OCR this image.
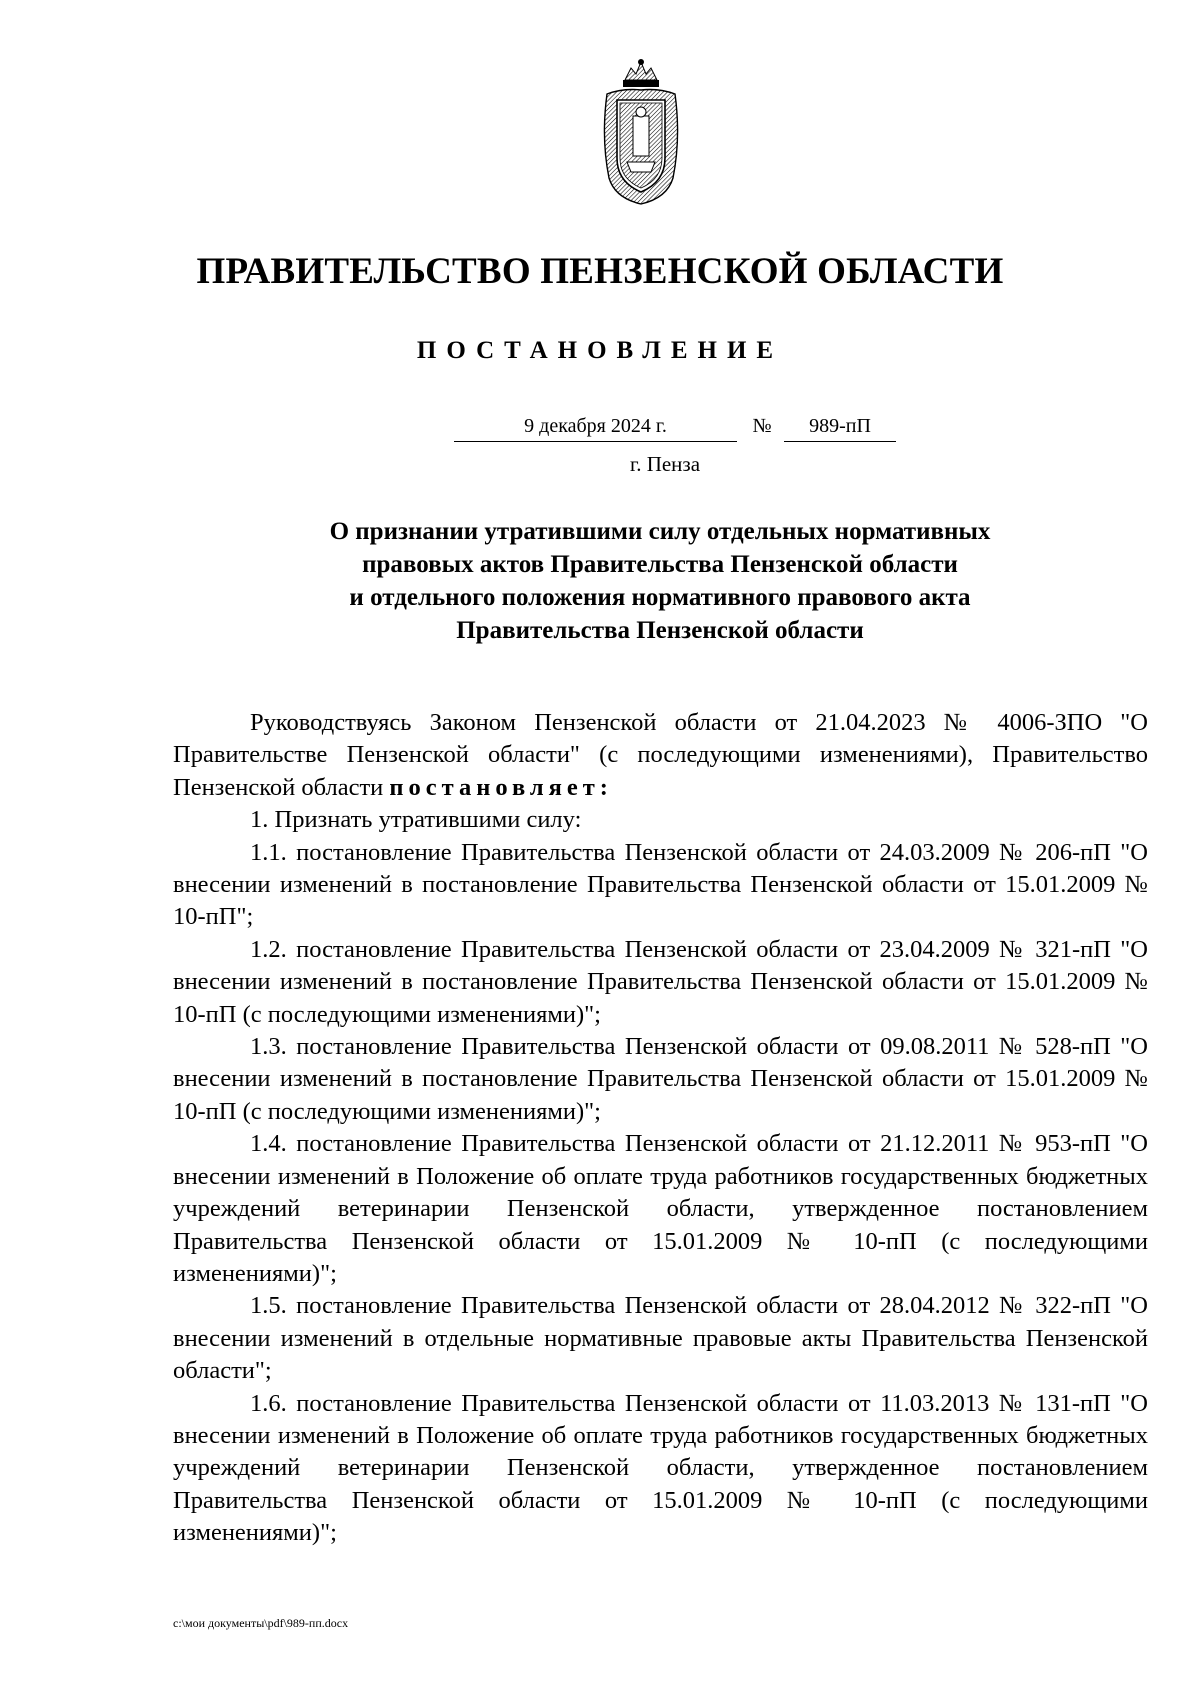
ПРАВИТЕЛЬСТВО ПЕНЗЕНСКОЙ ОБЛАСТИ
ПОСТАНОВЛЕНИЕ
9 декабря 2024 г.	№	989-пП
г. Пенза
О признании утратившими силу отдельных нормативных
правовых актов Правительства Пензенской области
и отдельного положения нормативного правового акта
Правительства Пензенской области

Руководствуясь Законом Пензенской области от 21.04.2023 № 4006-ЗПО "О Правительстве Пензенской области" (с последующими изменениями), Правительство Пензенской области постановляет:

1. Признать утратившими силу:

1.1. постановление Правительства Пензенской области от 24.03.2009 № 206-пП "О внесении изменений в постановление Правительства Пензенской области от 15.01.2009 № 10-пП";

1.2. постановление Правительства Пензенской области от 23.04.2009 № 321-пП "О внесении изменений в постановление Правительства Пензенской области от 15.01.2009 № 10-пП (с последующими изменениями)";

1.3. постановление Правительства Пензенской области от 09.08.2011 № 528-пП "О внесении изменений в постановление Правительства Пензенской области от 15.01.2009 № 10-пП (с последующими изменениями)";

1.4. постановление Правительства Пензенской области от 21.12.2011 № 953-пП "О внесении изменений в Положение об оплате труда работников государственных бюджетных учреждений ветеринарии Пензенской области, утвержденное постановлением Правительства Пензенской области от 15.01.2009 № 10-пП (с последующими изменениями)";

1.5. постановление Правительства Пензенской области от 28.04.2012 № 322-пП "О внесении изменений в отдельные нормативные правовые акты Правительства Пензенской области";

1.6. постановление Правительства Пензенской области от 11.03.2013 № 131-пП "О внесении изменений в Положение об оплате труда работников государственных бюджетных учреждений ветеринарии Пензенской области, утвержденное постановлением Правительства Пензенской области от 15.01.2009 № 10-пП (с последующими изменениями)";

c:\мои документы\pdf\989-пп.docx
